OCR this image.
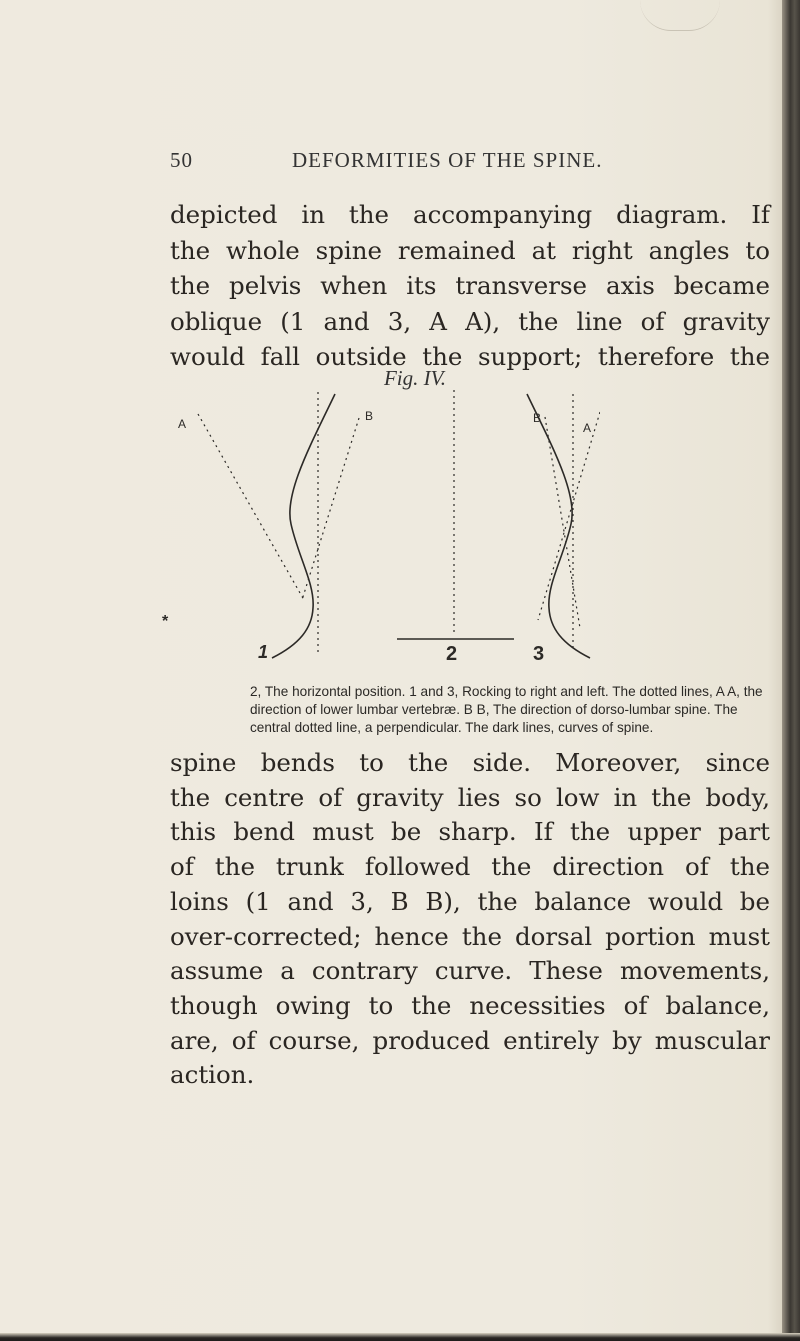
50	DEFORMITIES OF THE SPINE.
depicted in the accompanying diagram. If
the whole spine remained at right angles to
the pelvis when its transverse axis became
oblique (1 and 3, A A), the line of gravity
would fall outside the support; therefore the
Fig. IV.
A
B	B
A
*
1	2	3
2, The horizontal position. 1 and 3, Rocking to right and left. The dotted lines, A A, the direction of lower lumbar vertebræ. B B, The direction of dorso-lumbar spine. The central dotted line, a perpendicular. The dark lines, curves of spine.
spine bends to the side. Moreover, since
the centre of gravity lies so low in the body,
this bend must be sharp. If the upper part
of the trunk followed the direction of the
loins (1 and 3, B B), the balance would be
over-corrected; hence the dorsal portion must
assume a contrary curve. These movements,
though owing to the necessities of balance,
are, of course, produced entirely by muscular
action.
